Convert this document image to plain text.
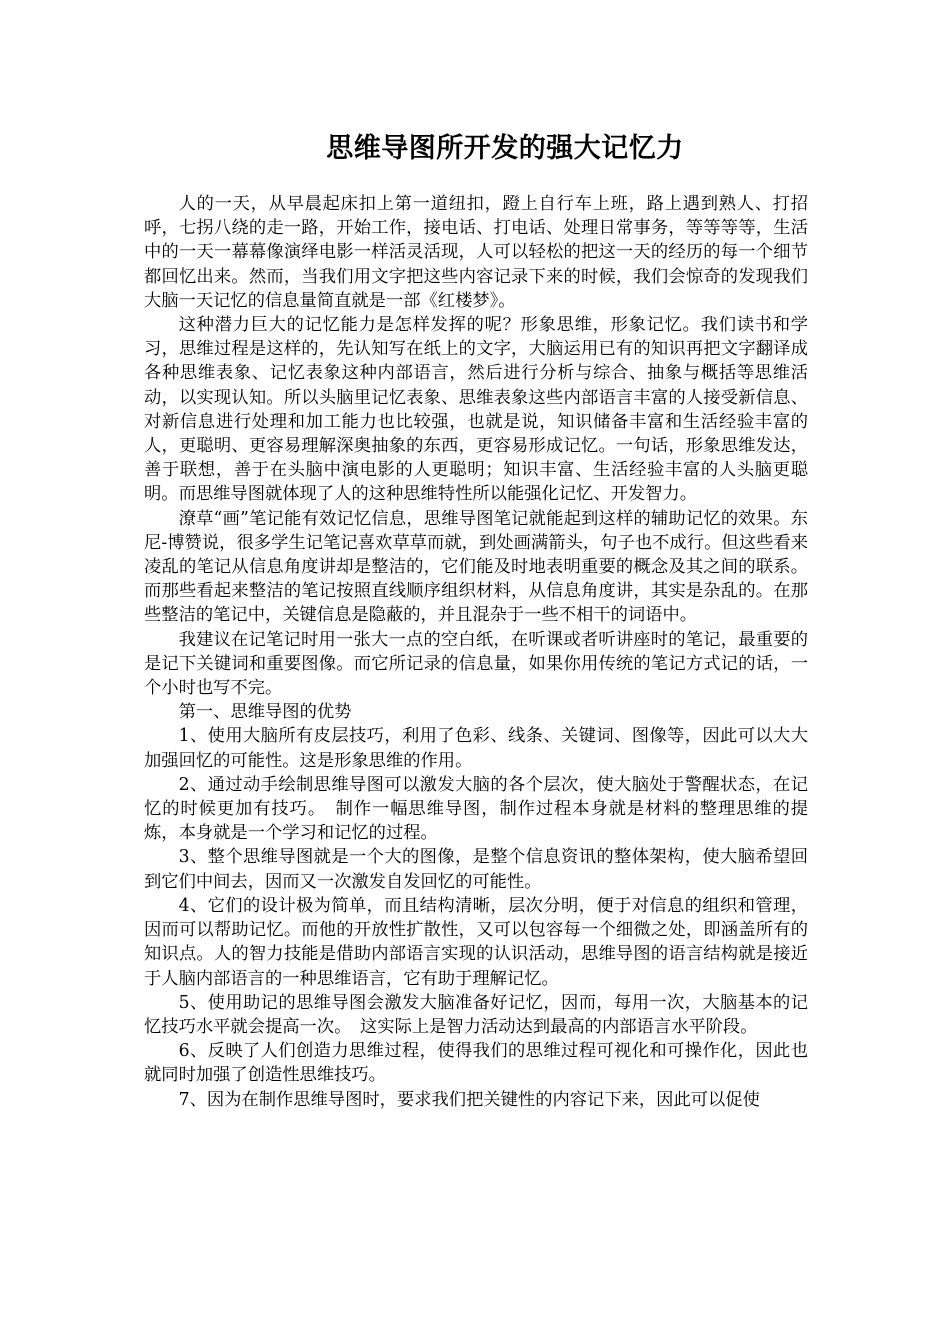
思维导图所开发的强大记忆力

人的一天，从早晨起床扣上第一道纽扣，蹬上自行车上班，路上遇到熟人、打招呼，七拐八绕的走一路，开始工作，接电话、打电话、处理日常事务，等等等等，生活中的一天一幕幕像演绎电影一样活灵活现，人可以轻松的把这一天的经历的每一个细节都回忆出来。然而，当我们用文字把这些内容记录下来的时候，我们会惊奇的发现我们大脑一天记忆的信息量简直就是一部《红楼梦》。

这种潜力巨大的记忆能力是怎样发挥的呢？形象思维，形象记忆。我们读书和学习，思维过程是这样的，先认知写在纸上的文字，大脑运用已有的知识再把文字翻译成各种思维表象、记忆表象这种内部语言，然后进行分析与综合、抽象与概括等思维活动，以实现认知。所以头脑里记忆表象、思维表象这些内部语言丰富的人接受新信息、对新信息进行处理和加工能力也比较强，也就是说，知识储备丰富和生活经验丰富的人，更聪明、更容易理解深奥抽象的东西，更容易形成记忆。一句话，形象思维发达，善于联想，善于在头脑中演电影的人更聪明；知识丰富、生活经验丰富的人头脑更聪明。而思维导图就体现了人的这种思维特性所以能强化记忆、开发智力。

潦草“画”笔记能有效记忆信息，思维导图笔记就能起到这样的辅助记忆的效果。东尼-博赞说，很多学生记笔记喜欢草草而就，到处画满箭头，句子也不成行。但这些看来凌乱的笔记从信息角度讲却是整洁的，它们能及时地表明重要的概念及其之间的联系。而那些看起来整洁的笔记按照直线顺序组织材料，从信息角度讲，其实是杂乱的。在那些整洁的笔记中，关键信息是隐蔽的，并且混杂于一些不相干的词语中。

我建议在记笔记时用一张大一点的空白纸，在听课或者听讲座时的笔记，最重要的是记下关键词和重要图像。而它所记录的信息量，如果你用传统的笔记方式记的话，一个小时也写不完。

第一、思维导图的优势

1、使用大脑所有皮层技巧，利用了色彩、线条、关键词、图像等，因此可以大大加强回忆的可能性。这是形象思维的作用。

2、通过动手绘制思维导图可以激发大脑的各个层次，使大脑处于警醒状态，在记忆的时候更加有技巧。　制作一幅思维导图，制作过程本身就是材料的整理思维的提炼，本身就是一个学习和记忆的过程。

3、整个思维导图就是一个大的图像，是整个信息资讯的整体架构，使大脑希望回到它们中间去，因而又一次激发自发回忆的可能性。

4、它们的设计极为简单，而且结构清晰，层次分明，便于对信息的组织和管理，因而可以帮助记忆。而他的开放性扩散性，又可以包容每一个细微之处，即涵盖所有的知识点。人的智力技能是借助内部语言实现的认识活动，思维导图的语言结构就是接近于人脑内部语言的一种思维语言，它有助于理解记忆。

5、使用助记的思维导图会激发大脑准备好记忆，因而，每用一次，大脑基本的记忆技巧水平就会提高一次。　这实际上是智力活动达到最高的内部语言水平阶段。

6、反映了人们创造力思维过程，使得我们的思维过程可视化和可操作化，因此也就同时加强了创造性思维技巧。

7、因为在制作思维导图时，要求我们把关键性的内容记下来，因此可以促使
